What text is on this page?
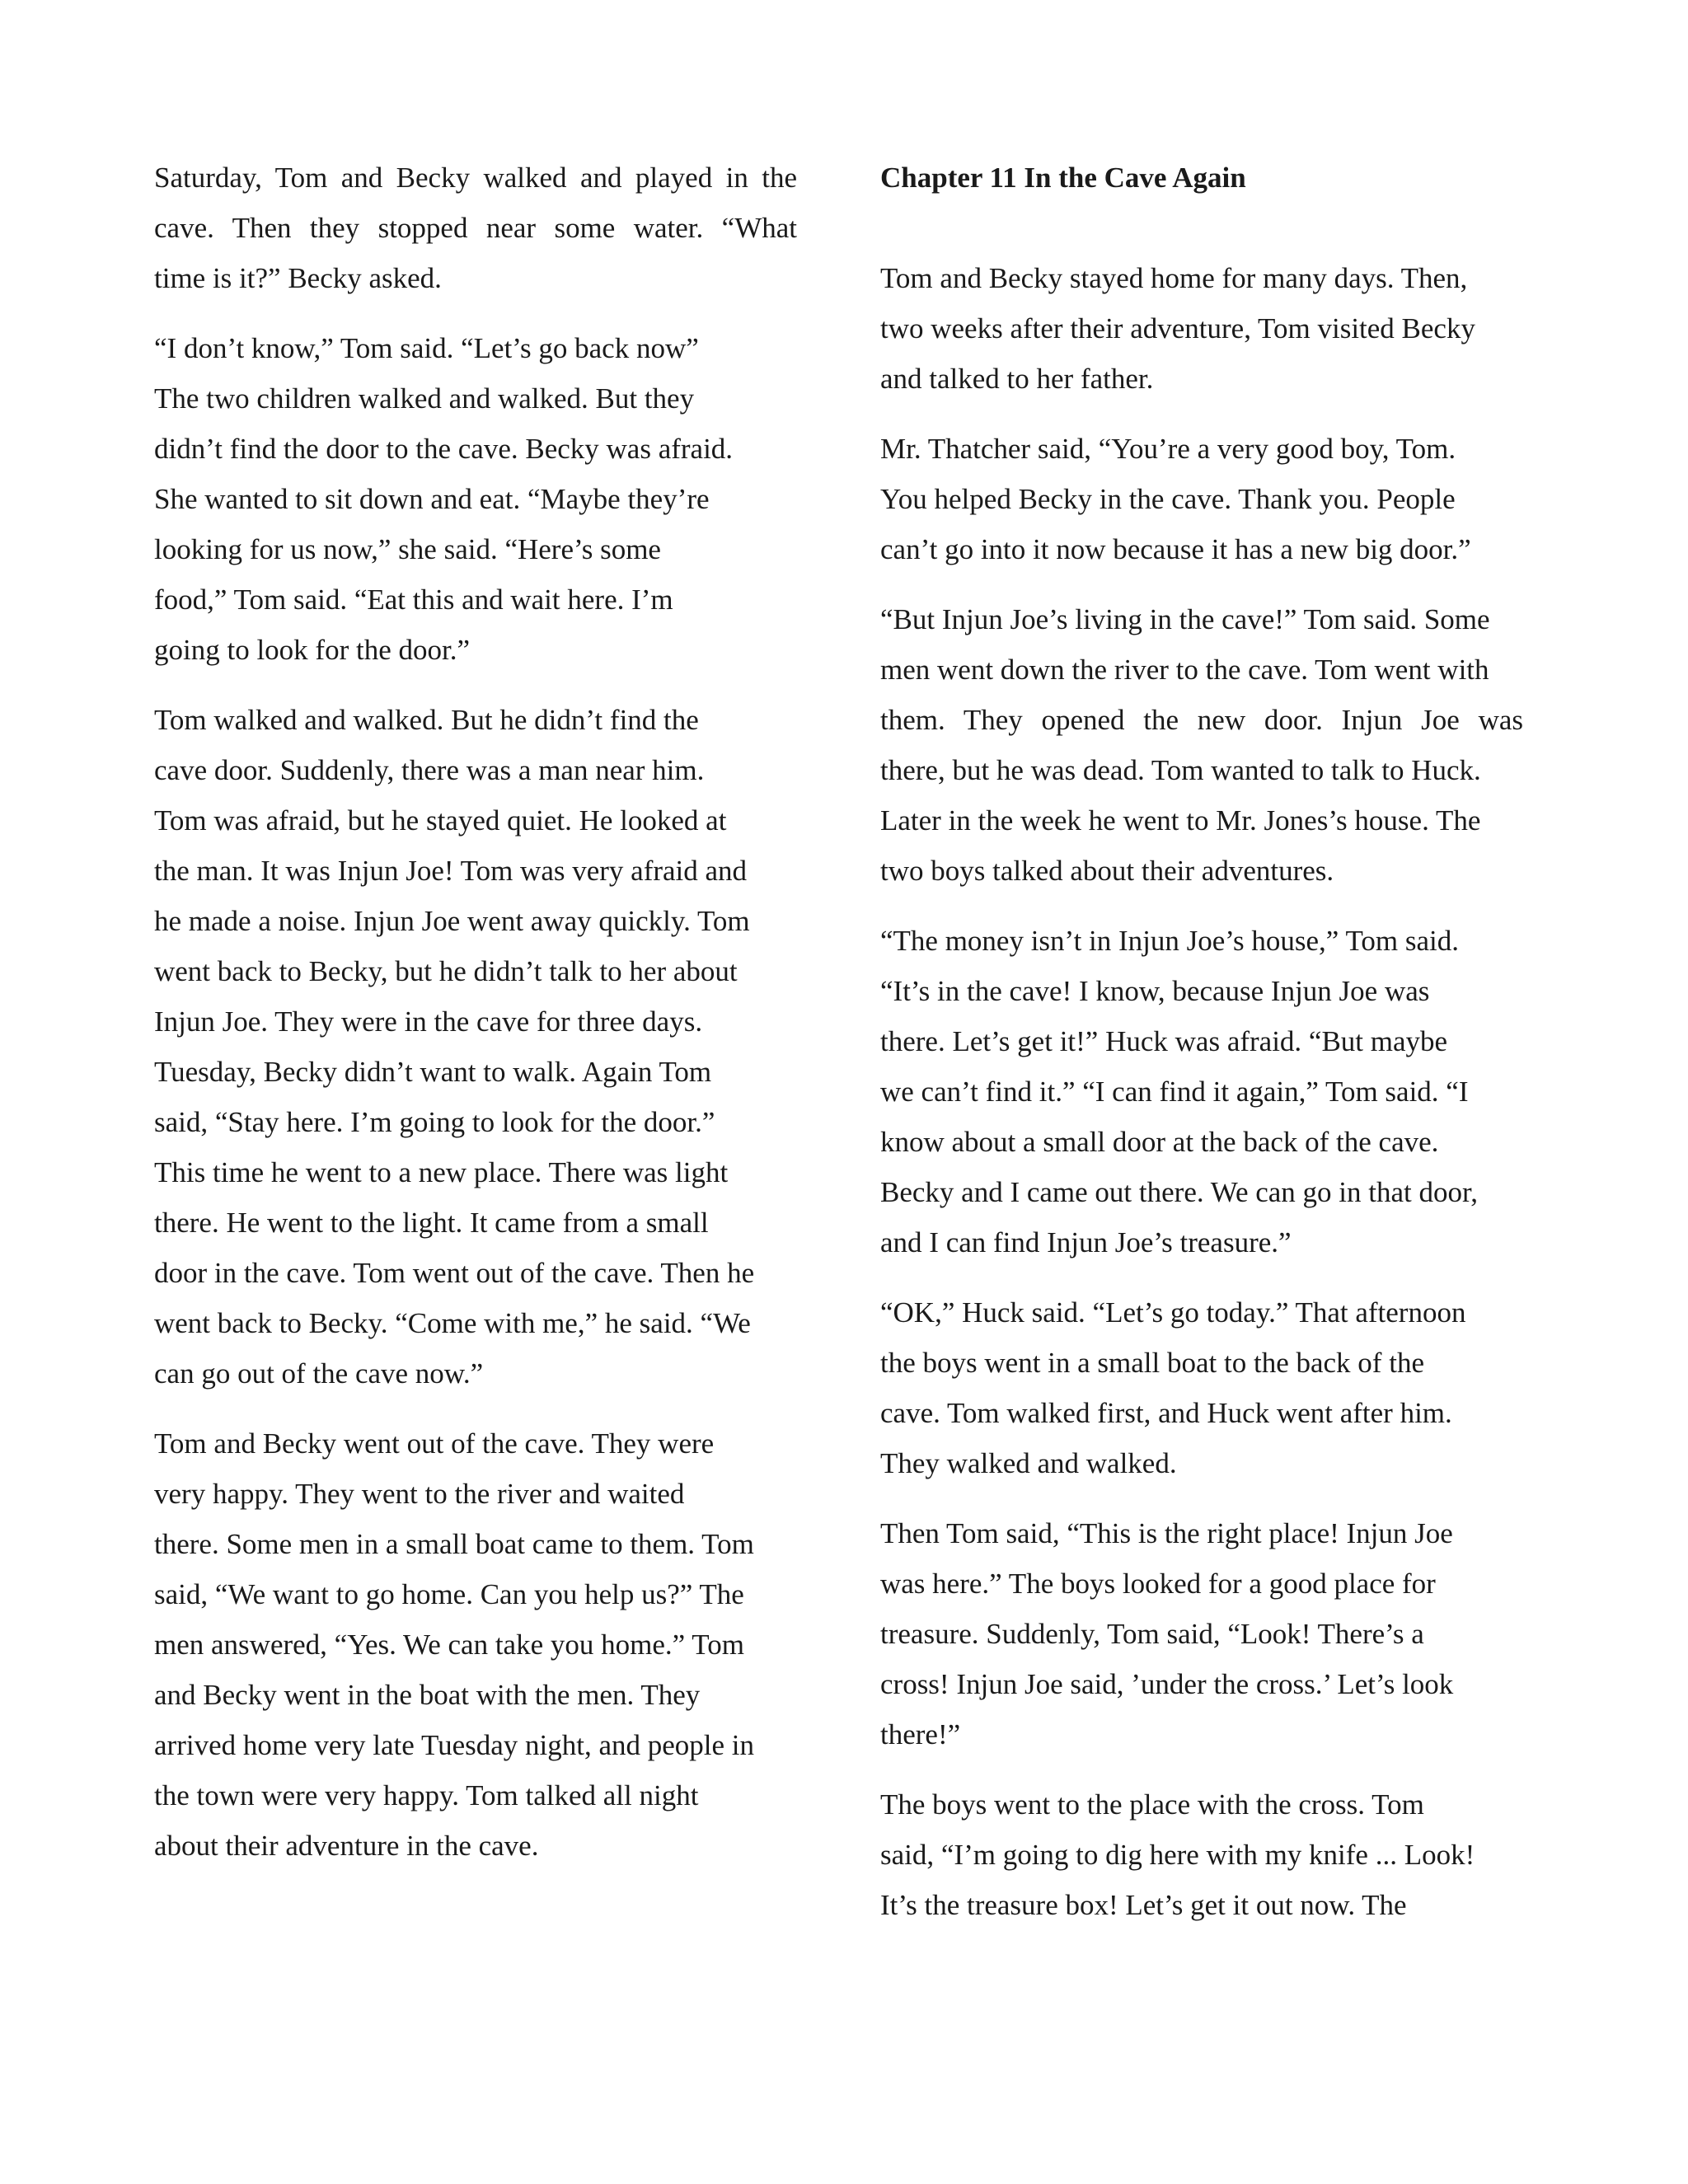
Saturday, Tom and Becky walked and played in the
cave. Then they stopped near some water. “What
time is it?” Becky asked.
“I don’t know,” Tom said. “Let’s go back now”
The two children walked and walked. But they
didn’t find the door to the cave. Becky was afraid.
She wanted to sit down and eat. “Maybe they’re
looking for us now,” she said. “Here’s some
food,” Tom said. “Eat this and wait here. I’m
going to look for the door.”
Tom walked and walked. But he didn’t find the
cave door. Suddenly, there was a man near him.
Tom was afraid, but he stayed quiet. He looked at
the man. It was Injun Joe! Tom was very afraid and
he made a noise. Injun Joe went away quickly. Tom
went back to Becky, but he didn’t talk to her about
Injun Joe. They were in the cave for three days.
Tuesday, Becky didn’t want to walk. Again Tom
said, “Stay here. I’m going to look for the door.”
This time he went to a new place. There was light
there. He went to the light. It came from a small
door in the cave. Tom went out of the cave. Then he
went back to Becky. “Come with me,” he said. “We
can go out of the cave now.”
Tom and Becky went out of the cave. They were
very happy. They went to the river and waited
there. Some men in a small boat came to them. Tom
said, “We want to go home. Can you help us?” The
men answered, “Yes. We can take you home.” Tom
and Becky went in the boat with the men. They
arrived home very late Tuesday night, and people in
the town were very happy. Tom talked all night
about their adventure in the cave.
Chapter 11 In the Cave Again
Tom and Becky stayed home for many days. Then,
two weeks after their adventure, Tom visited Becky
and talked to her father.
Mr. Thatcher said, “You’re a very good boy, Tom.
You helped Becky in the cave. Thank you. People
can’t go into it now because it has a new big door.”
“But Injun Joe’s living in the cave!” Tom said. Some
men went down the river to the cave. Tom went with
them. They opened the new door. Injun Joe was
there, but he was dead. Tom wanted to talk to Huck.
Later in the week he went to Mr. Jones’s house. The
two boys talked about their adventures.
“The money isn’t in Injun Joe’s house,” Tom said.
“It’s in the cave! I know, because Injun Joe was
there. Let’s get it!” Huck was afraid. “But maybe
we can’t find it.” “I can find it again,” Tom said. “I
know about a small door at the back of the cave.
Becky and I came out there. We can go in that door,
and I can find Injun Joe’s treasure.”
“OK,” Huck said. “Let’s go today.” That afternoon
the boys went in a small boat to the back of the
cave. Tom walked first, and Huck went after him.
They walked and walked.
Then Tom said, “This is the right place! Injun Joe
was here.” The boys looked for a good place for
treasure. Suddenly, Tom said, “Look! There’s a
cross! Injun Joe said, ’under the cross.’ Let’s look
there!”
The boys went to the place with the cross. Tom
said, “I’m going to dig here with my knife ... Look!
It’s the treasure box! Let’s get it out now. The
